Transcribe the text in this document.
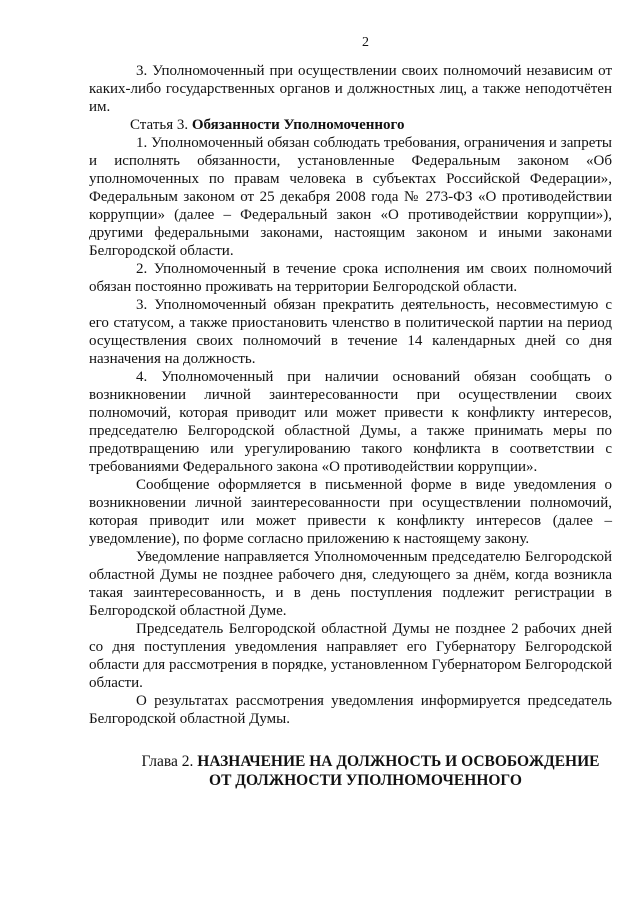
2

3. Уполномоченный при осуществлении своих полномочий независим от каких-либо государственных органов и должностных лиц, а также неподотчётен им.

Статья 3. Обязанности Уполномоченного

1. Уполномоченный обязан соблюдать требования, ограничения и запреты и исполнять обязанности, установленные Федеральным законом «Об уполномоченных по правам человека в субъектах Российской Федерации», Федеральным законом от 25 декабря 2008 года № 273-ФЗ «О противодействии коррупции» (далее – Федеральный закон «О противодействии коррупции»), другими федеральными законами, настоящим законом и иными законами Белгородской области.

2. Уполномоченный в течение срока исполнения им своих полномочий обязан постоянно проживать на территории Белгородской области.

3. Уполномоченный обязан прекратить деятельность, несовместимую с его статусом, а также приостановить членство в политической партии на период осуществления своих полномочий в течение 14 календарных дней со дня назначения на должность.

4. Уполномоченный при наличии оснований обязан сообщать о возникновении личной заинтересованности при осуществлении своих полномочий, которая приводит или может привести к конфликту интересов, председателю Белгородской областной Думы, а также принимать меры по предотвращению или урегулированию такого конфликта в соответствии с требованиями Федерального закона «О противодействии коррупции».

Сообщение оформляется в письменной форме в виде уведомления о возникновении личной заинтересованности при осуществлении полномочий, которая приводит или может привести к конфликту интересов (далее – уведомление), по форме согласно приложению к настоящему закону.

Уведомление направляется Уполномоченным председателю Белгородской областной Думы не позднее рабочего дня, следующего за днём, когда возникла такая заинтересованность, и в день поступления подлежит регистрации в Белгородской областной Думе.

Председатель Белгородской областной Думы не позднее 2 рабочих дней со дня поступления уведомления направляет его Губернатору Белгородской области для рассмотрения в порядке, установленном Губернатором Белгородской области.

О результатах рассмотрения уведомления информируется председатель Белгородской областной Думы.

Глава 2. НАЗНАЧЕНИЕ НА ДОЛЖНОСТЬ И ОСВОБОЖДЕНИЕ
ОТ ДОЛЖНОСТИ УПОЛНОМОЧЕННОГО
